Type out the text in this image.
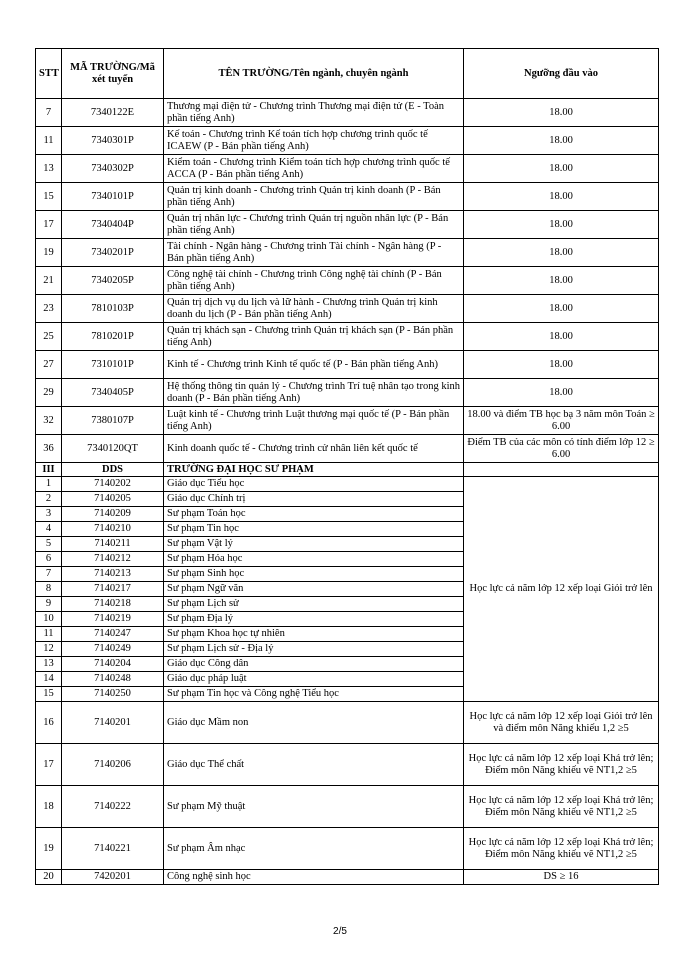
STT	MÃ TRƯỜNG/Mã xét tuyển	TÊN TRƯỜNG/Tên ngành, chuyên ngành	Ngưỡng đầu vào
7	7340122E	Thương mại điện tử - Chương trình Thương mại điện tử (E - Toàn phần tiếng Anh)	18.00
11	7340301P	Kế toán - Chương trình Kế toán tích hợp chương trình quốc tế ICAEW (P - Bán phần tiếng Anh)	18.00
13	7340302P	Kiểm toán - Chương trình Kiểm toán tích hợp chương trình quốc tế ACCA (P - Bán phần tiếng Anh)	18.00
15	7340101P	Quản trị kinh doanh - Chương trình Quản trị kinh doanh (P - Bán phần tiếng Anh)	18.00
17	7340404P	Quản trị nhân lực - Chương trình Quản trị nguồn nhân lực (P - Bán phần tiếng Anh)	18.00
19	7340201P	Tài chính - Ngân hàng - Chương trình Tài chính - Ngân hàng (P - Bán phần tiếng Anh)	18.00
21	7340205P	Công nghệ tài chính - Chương trình Công nghệ tài chính (P - Bán phần tiếng Anh)	18.00
23	7810103P	Quản trị dịch vụ du lịch và lữ hành - Chương trình Quản trị kinh doanh du lịch (P - Bán phần tiếng Anh)	18.00
25	7810201P	Quản trị khách sạn - Chương trình Quản trị khách sạn (P - Bán phần tiếng Anh)	18.00
27	7310101P	Kinh tế - Chương trình Kinh tế quốc tế (P - Bán phần tiếng Anh)	18.00
29	7340405P	Hệ thống thông tin quản lý - Chương trình Trí tuệ nhân tạo trong kinh doanh (P - Bán phần tiếng Anh)	18.00
32	7380107P	Luật kinh tế - Chương trình Luật thương mại quốc tế (P - Bán phần tiếng Anh)	18.00 và điểm TB học bạ 3 năm môn Toán ≥ 6.00
36	7340120QT	Kinh doanh quốc tế - Chương trình cử nhân liên kết quốc tế	Điểm TB của các môn có tính điểm lớp 12 ≥ 6.00
III	DDS	TRƯỜNG ĐẠI HỌC SƯ PHẠM	
1	7140202	Giáo dục Tiểu học	Học lực cả năm lớp 12 xếp loại Giỏi trở lên
2	7140205	Giáo dục Chính trị	
3	7140209	Sư phạm Toán học	
4	7140210	Sư phạm Tin học	
5	7140211	Sư phạm Vật lý	
6	7140212	Sư phạm Hóa học	
7	7140213	Sư phạm Sinh học	
8	7140217	Sư phạm Ngữ văn	
9	7140218	Sư phạm Lịch sử	
10	7140219	Sư phạm Địa lý	
11	7140247	Sư phạm Khoa học tự nhiên	
12	7140249	Sư phạm Lịch sử - Địa lý	
13	7140204	Giáo dục Công dân	
14	7140248	Giáo dục pháp luật	
15	7140250	Sư phạm Tin học và Công nghệ Tiểu học	
16	7140201	Giáo dục Mầm non	Học lực cả năm lớp 12 xếp loại Giỏi trở lên và điểm môn Năng khiếu 1,2 ≥5
17	7140206	Giáo dục Thể chất	Học lực cả năm lớp 12 xếp loại Khá trở lên; Điểm môn Năng khiếu vẽ NT1,2 ≥5
18	7140222	Sư phạm Mỹ thuật	Học lực cả năm lớp 12 xếp loại Khá trở lên; Điểm môn Năng khiếu vẽ NT1,2 ≥5
19	7140221	Sư phạm Âm nhạc	Học lực cả năm lớp 12 xếp loại Khá trở lên; Điểm môn Năng khiếu vẽ NT1,2 ≥5
20	7420201	Công nghệ sinh học	DS ≥ 16
2/5
